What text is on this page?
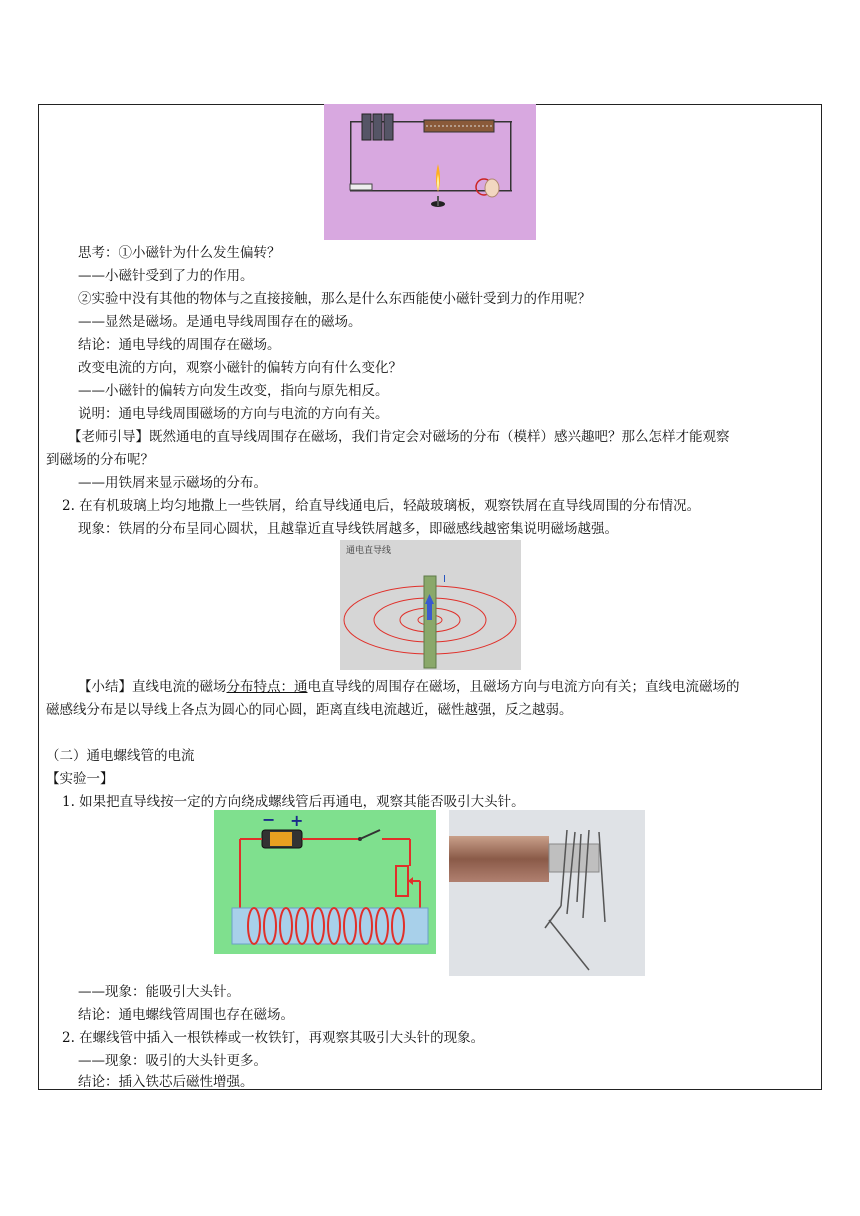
思考：①小磁针为什么发生偏转？
——小磁针受到了力的作用。
②实验中没有其他的物体与之直接接触，那么是什么东西能使小磁针受到力的作用呢？
——显然是磁场。是通电导线周围存在的磁场。
结论：通电导线的周围存在磁场。
改变电流的方向，观察小磁针的偏转方向有什么变化？
——小磁针的偏转方向发生改变，指向与原先相反。
说明：通电导线周围磁场的方向与电流的方向有关。
【老师引导】既然通电的直导线周围存在磁场，我们肯定会对磁场的分布（模样）感兴趣吧？那么怎样才能观察
到磁场的分布呢？
——用铁屑来显示磁场的分布。
2. 在有机玻璃上均匀地撒上一些铁屑，给直导线通电后，轻敲玻璃板，观察铁屑在直导线周围的分布情况。
现象：铁屑的分布呈同心圆状，且越靠近直导线铁屑越多，即磁感线越密集说明磁场越强。
通电直导线
I
【小结】直线电流的磁场分布特点：通电直导线的周围存在磁场，且磁场方向与电流方向有关；直线电流磁场的
磁感线分布是以导线上各点为圆心的同心圆，距离直线电流越近，磁性越强，反之越弱。
（二）通电螺线管的电流
【实验一】
1. 如果把直导线按一定的方向绕成螺线管后再通电，观察其能否吸引大头针。
− +
——现象：能吸引大头针。
结论：通电螺线管周围也存在磁场。
2. 在螺线管中插入一根铁棒或一枚铁钉，再观察其吸引大头针的现象。
——现象：吸引的大头针更多。
结论：插入铁芯后磁性增强。
